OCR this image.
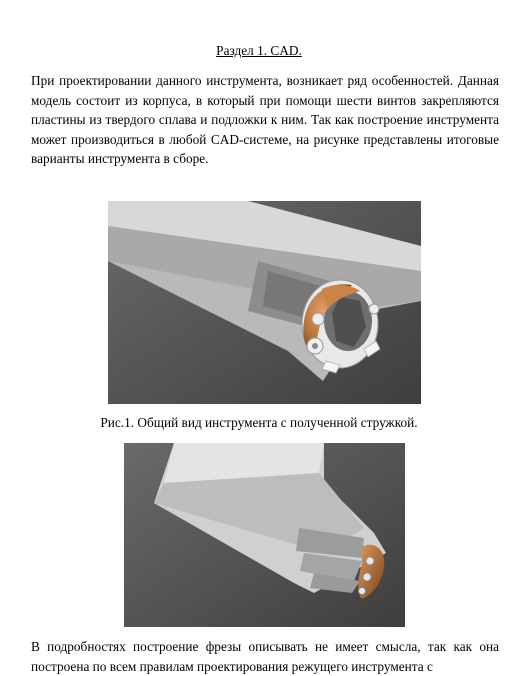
Раздел 1. CAD.
При проектировании данного инструмента, возникает ряд особенностей. Данная модель состоит из корпуса, в который при помощи шести винтов закрепляются пластины из твердого сплава и подложки к ним. Так как построение инструмента может производиться в любой CAD-системе, на рисунке представлены итоговые варианты инструмента в сборе.
Рис.1. Общий вид инструмента с полученной стружкой.
В подробностях построение фрезы описывать не имеет смысла, так как она построена по всем правилам проектирования режущего инструмента с
